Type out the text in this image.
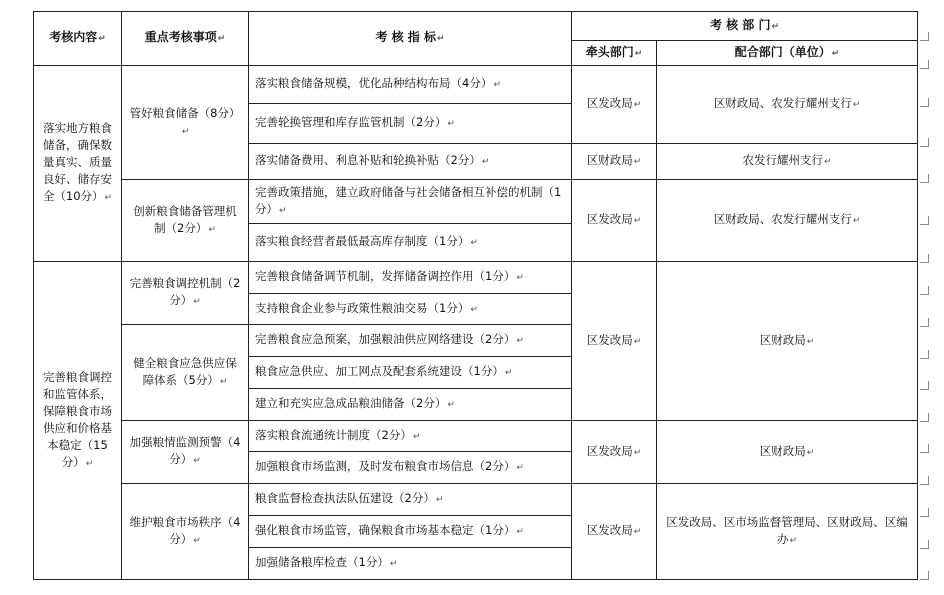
考核内容↵	重点考核事项↵	考 核 指 标↵	考 核 部 门↵	
			牵头部门↵	配合部门（单位）↵
落实地方粮食储备，确保数量真实、质量良好、储存安全（10分）↵	管好粮食储备（8分）↵	落实粮食储备规模，优化品种结构布局（4分）↵	区发改局↵	区财政局、农发行耀州支行↵
		完善轮换管理和库存监管机制（2分）↵		
		落实储备费用、利息补贴和轮换补贴（2分）↵	区财政局↵	农发行耀州支行↵
	创新粮食储备管理机制（2分）↵	完善政策措施，建立政府储备与社会储备相互补偿的机制（1分）↵	区发改局↵	区财政局、农发行耀州支行↵
		落实粮食经营者最低最高库存制度（1分）↵		
完善粮食调控和监管体系，保障粮食市场供应和价格基本稳定（15分）↵	完善粮食调控机制（2分）↵	完善粮食储备调节机制，发挥储备调控作用（1分）↵	区发改局↵	区财政局↵
		支持粮食企业参与政策性粮油交易（1分）↵		
	健全粮食应急供应保障体系（5分）↵	完善粮食应急预案，加强粮油供应网络建设（2分）↵		
		粮食应急供应、加工网点及配套系统建设（1分）↵		
		建立和充实应急成品粮油储备（2分）↵		
	加强粮情监测预警（4分）↵	落实粮食流通统计制度（2分）↵	区发改局↵	区财政局↵
		加强粮食市场监测，及时发布粮食市场信息（2分）↵		
	维护粮食市场秩序（4分）↵	粮食监督检查执法队伍建设（2分）↵	区发改局↵	区发改局、区市场监督管理局、区财政局、区编办↵
		强化粮食市场监管，确保粮食市场基本稳定（1分）↵		
		加强储备粮库检查（1分）↵		
